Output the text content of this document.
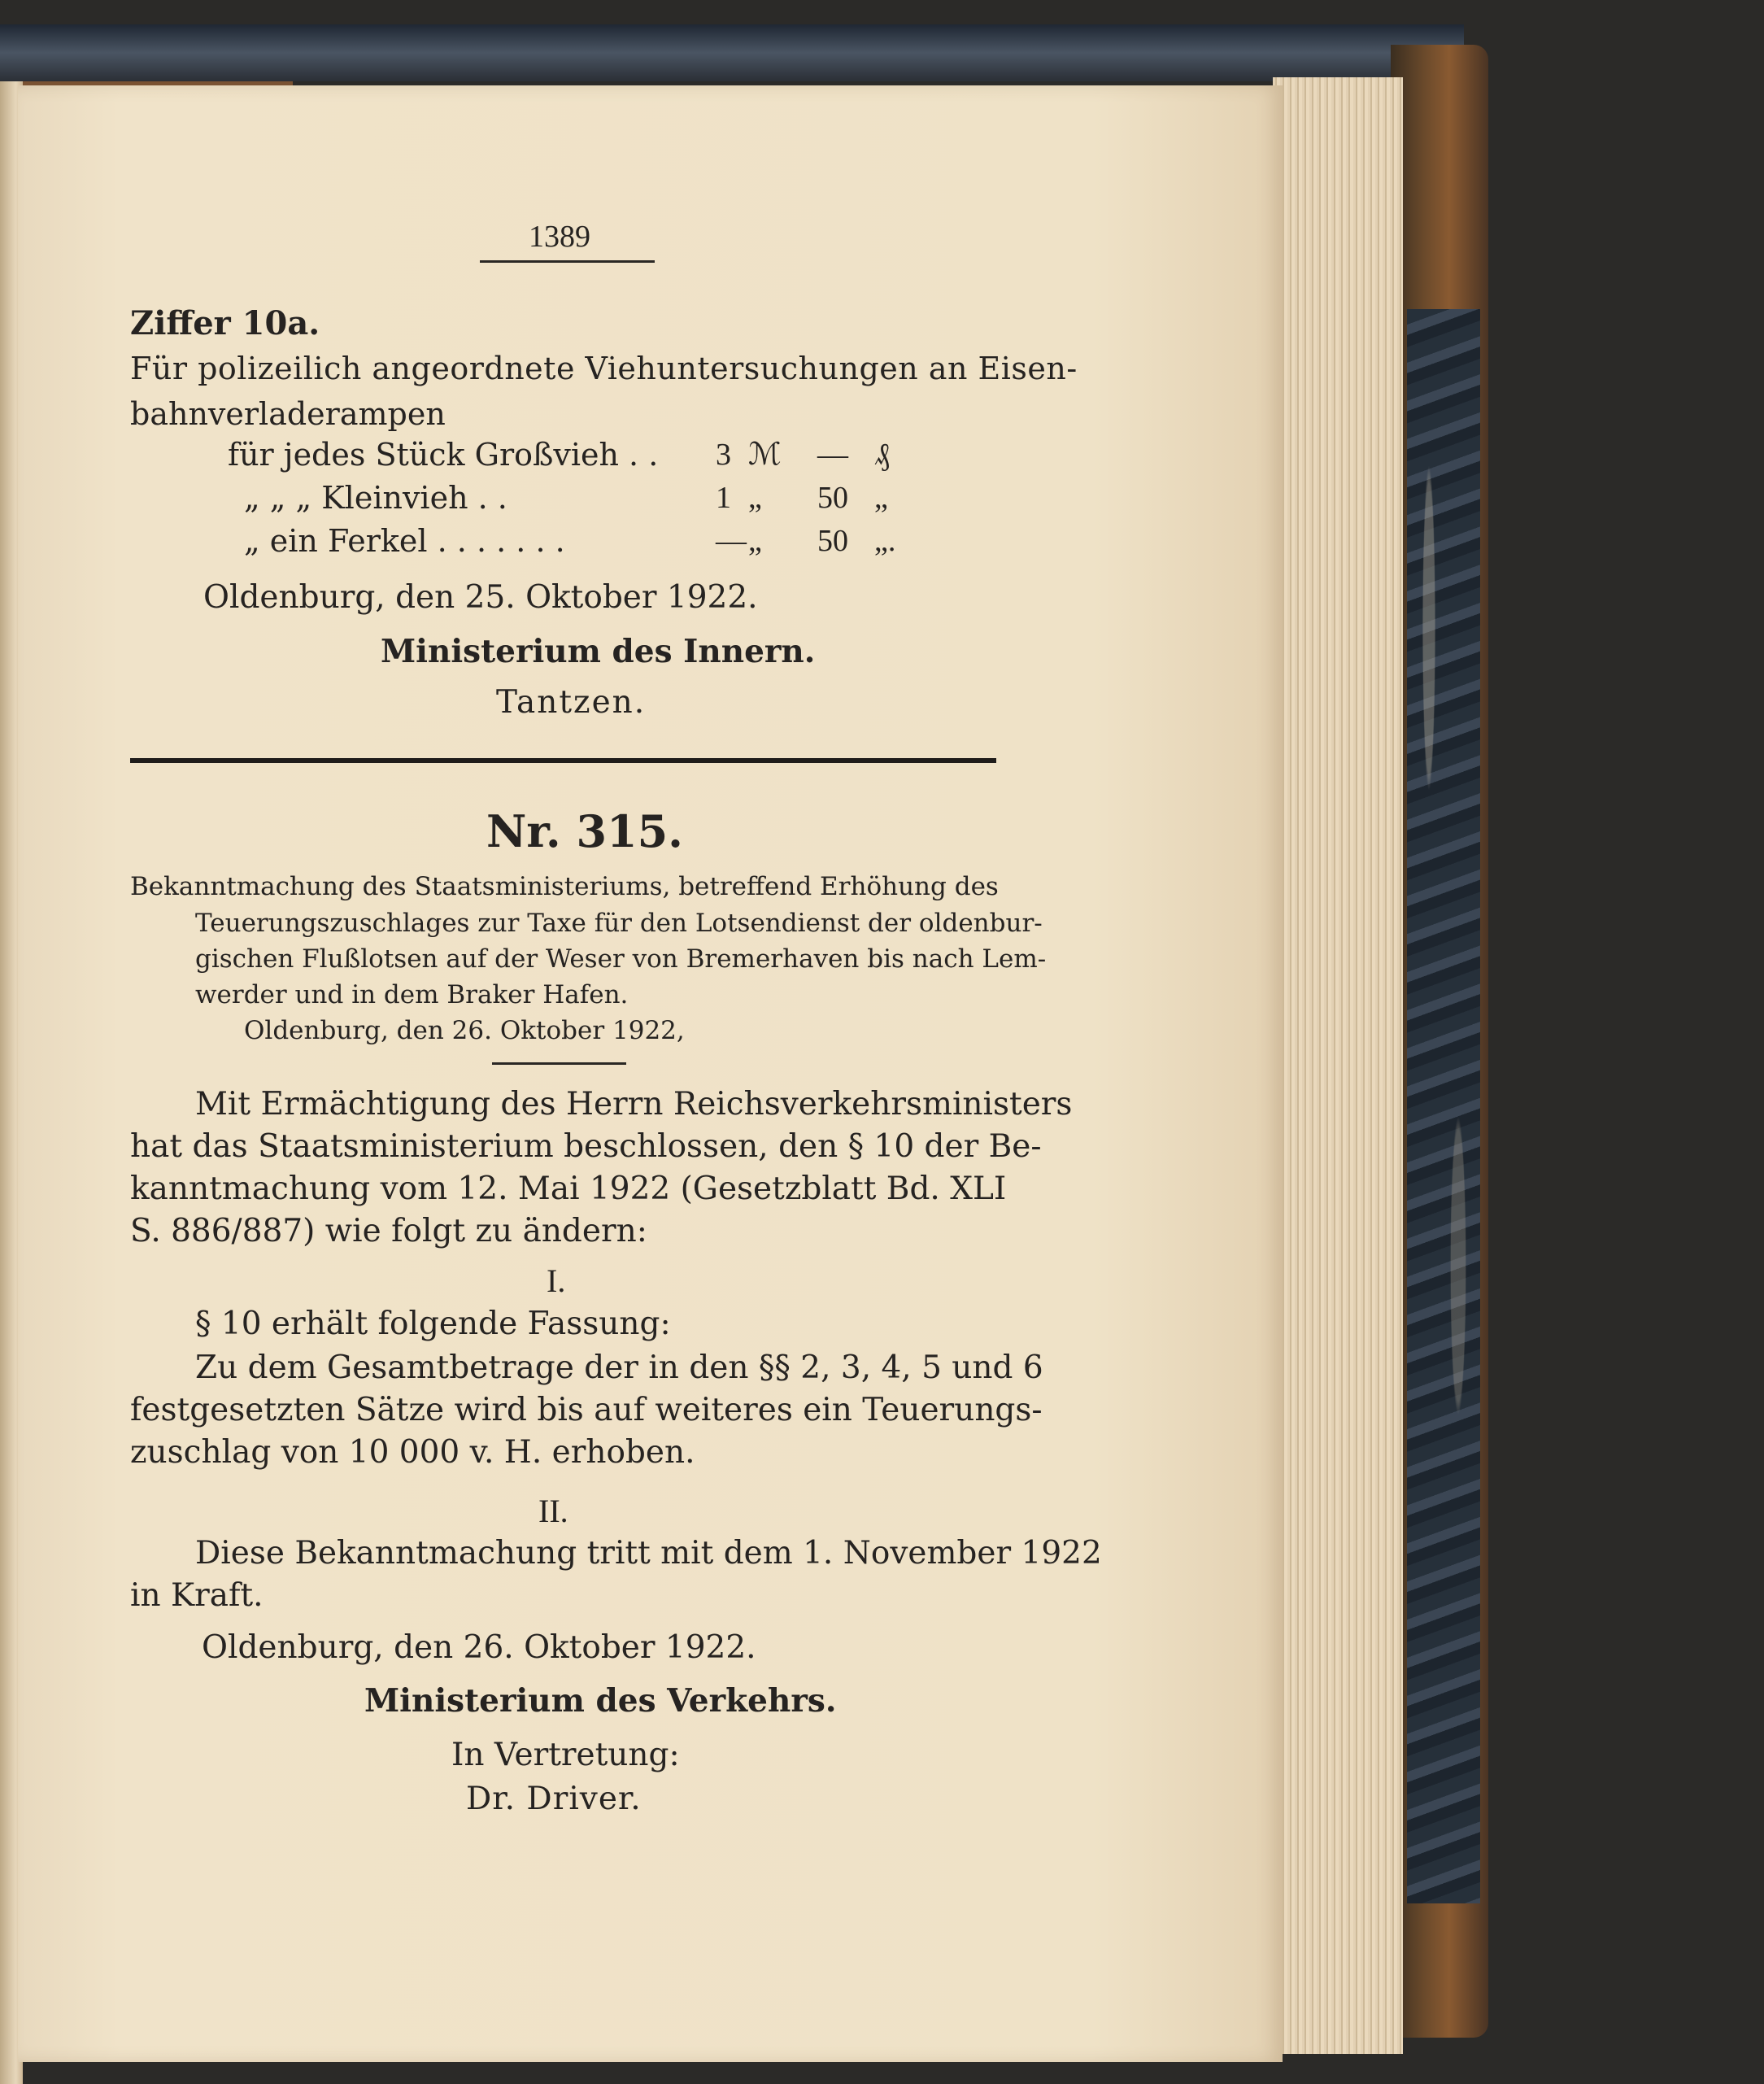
1389
Ziffer 10a.
Für polizeilich angeordnete Viehuntersuchungen an Eisen-
bahnverladerampen
für jedes Stück Großvieh . . 3 ℳ — ₰
„ „ „ Kleinvieh . .	1 „ 50 „
„ ein Ferkel . . . . . . .	— „ 50 „.
Oldenburg, den 25. Oktober 1922.
Ministerium des Innern.
Tantzen.
Nr. 315.
Bekanntmachung des Staatsministeriums, betreffend Erhöhung des
Teuerungszuschlages zur Taxe für den Lotsendienst der oldenbur-
gischen Flußlotsen auf der Weser von Bremerhaven bis nach Lem-
werder und in dem Braker Hafen.
Oldenburg, den 26. Oktober 1922,
Mit Ermächtigung des Herrn Reichsverkehrsministers
hat das Staatsministerium beschlossen, den § 10 der Be-
kanntmachung vom 12. Mai 1922 (Gesetzblatt Bd. XLI
S. 886/887) wie folgt zu ändern:
I.
§ 10 erhält folgende Fassung:
Zu dem Gesamtbetrage der in den §§ 2, 3, 4, 5 und 6
festgesetzten Sätze wird bis auf weiteres ein Teuerungs-
zuschlag von 10 000 v. H. erhoben.
II.
Diese Bekanntmachung tritt mit dem 1. November 1922
in Kraft.
Oldenburg, den 26. Oktober 1922.
Ministerium des Verkehrs.
In Vertretung:
Dr. Driver.
